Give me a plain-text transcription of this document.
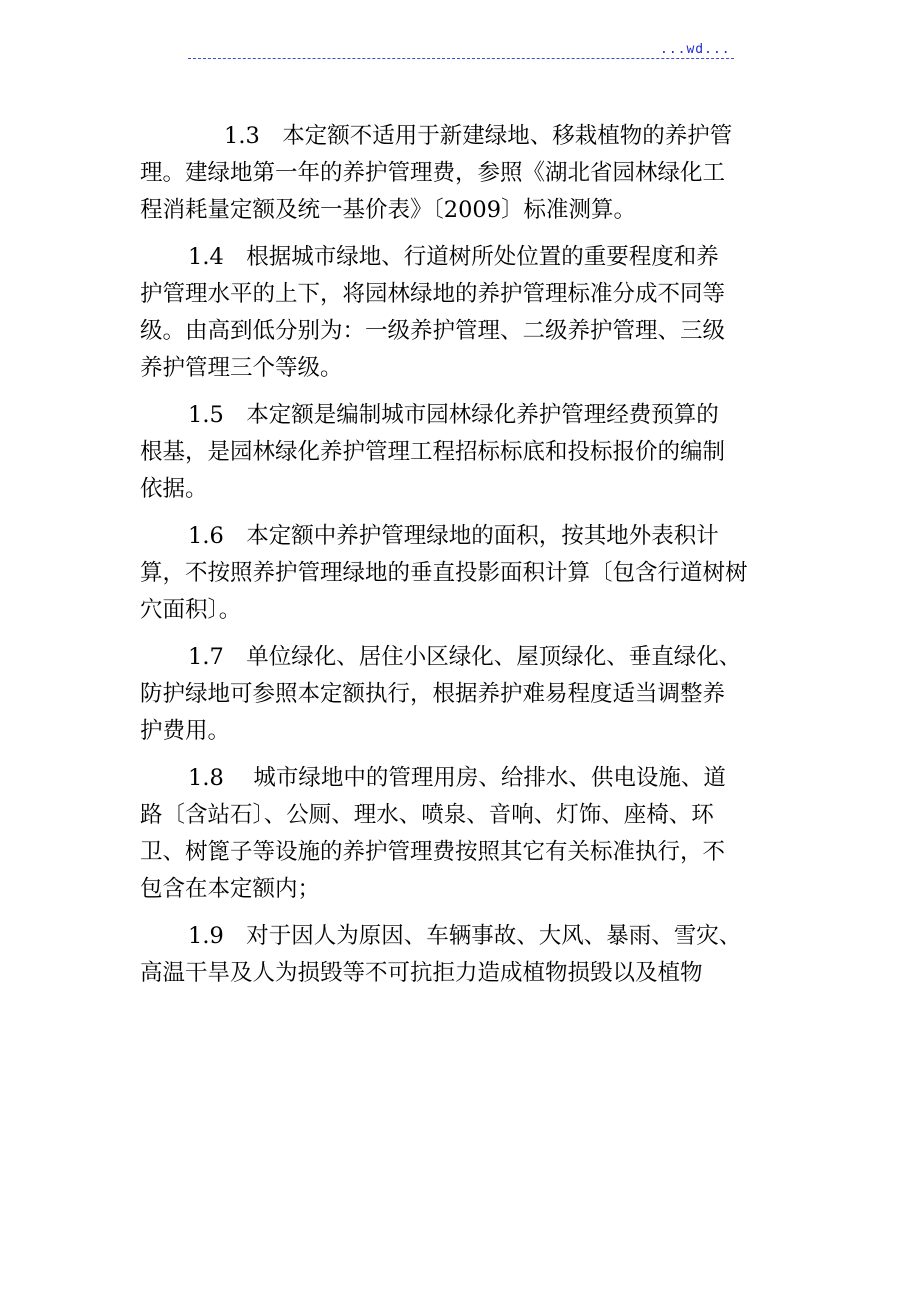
...wd...
1.3　本定额不适用于新建绿地、移栽植物的养护管
理。建绿地第一年的养护管理费，参照《湖北省园林绿化工
程消耗量定额及统一基价表》〔2009〕标准测算。
1.4　根据城市绿地、行道树所处位置的重要程度和养
护管理水平的上下，将园林绿地的养护管理标准分成不同等
级。由高到低分别为：一级养护管理、二级养护管理、三级
养护管理三个等级。
1.5　本定额是编制城市园林绿化养护管理经费预算的
根基，是园林绿化养护管理工程招标标底和投标报价的编制
依据。
1.6　本定额中养护管理绿地的面积，按其地外表积计
算，不按照养护管理绿地的垂直投影面积计算〔包含行道树树
穴面积〕。
1.7　单位绿化、居住小区绿化、屋顶绿化、垂直绿化、
防护绿地可参照本定额执行，根据养护难易程度适当调整养
护费用。
1.8　 城市绿地中的管理用房、给排水、供电设施、道
路〔含站石〕、公厕、理水、喷泉、音响、灯饰、座椅、环
卫、树篦子等设施的养护管理费按照其它有关标准执行，不
包含在本定额内；
1.9　对于因人为原因、车辆事故、大风、暴雨、雪灾、
高温干旱及人为损毁等不可抗拒力造成植物损毁以及植物
